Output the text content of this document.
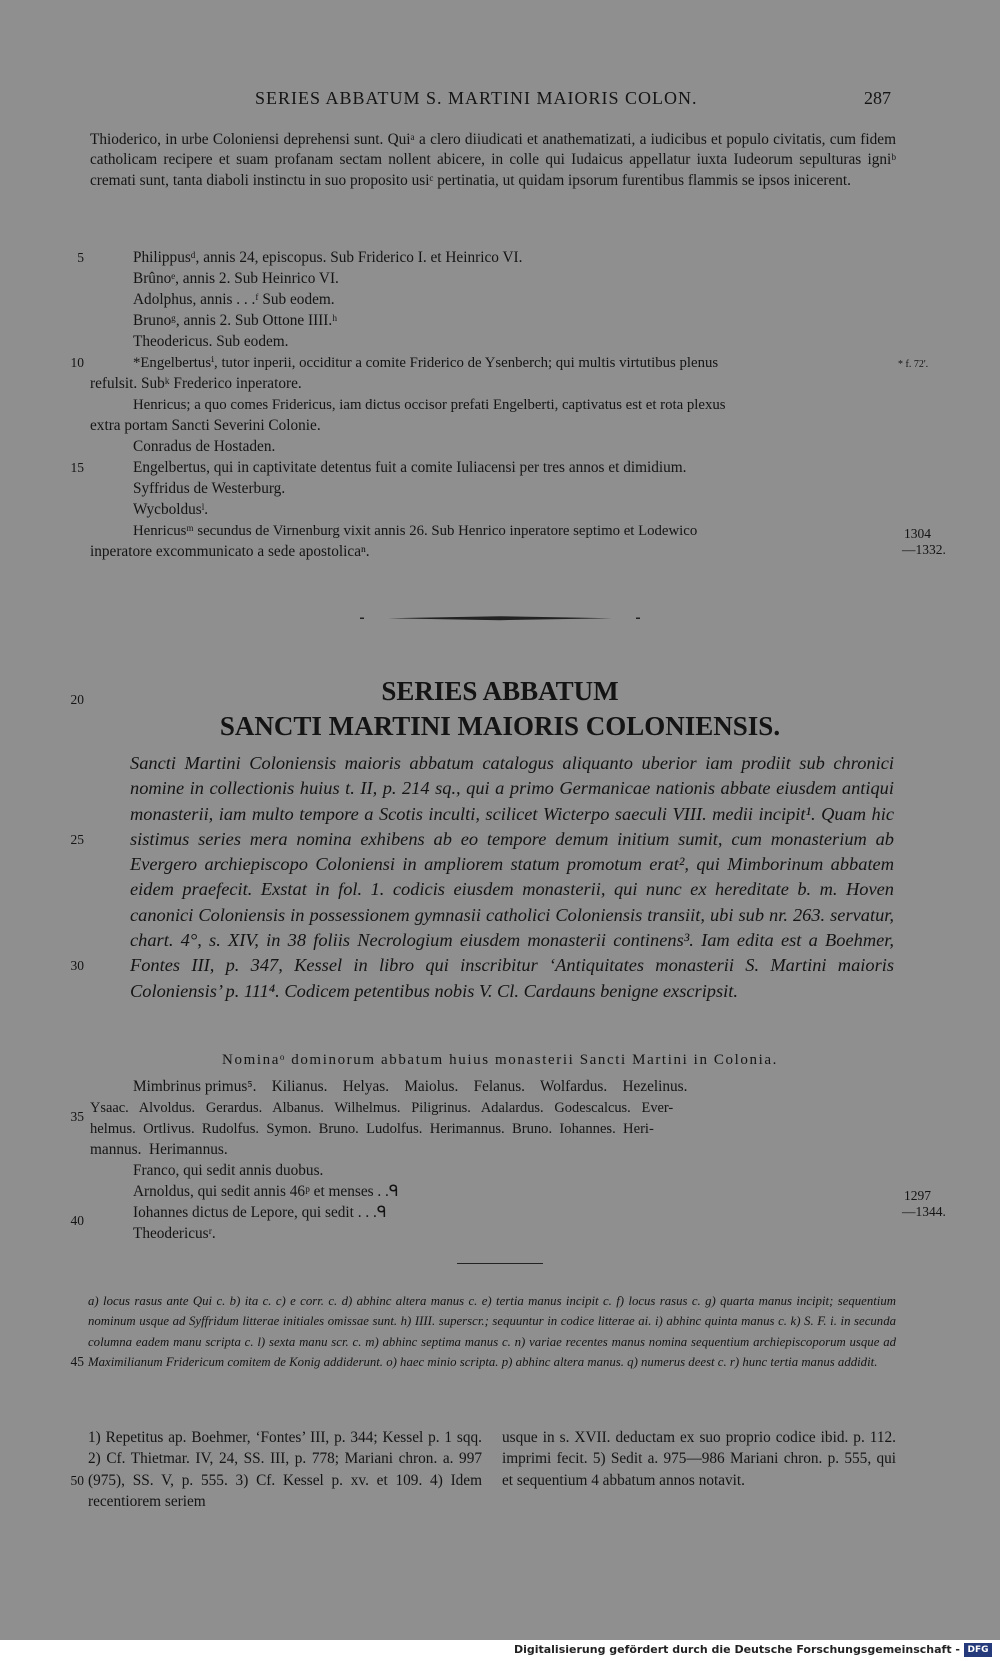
SERIES ABBATUM S. MARTINI MAIORIS COLON.	287
Thioderico, in urbe Coloniensi deprehensi sunt. Quiᵃ a clero diiudicati et anathematizati, a iudicibus et populo civitatis, cum fidem catholicam recipere et suam profanam sectam nollent abicere, in colle qui Iudaicus appellatur iuxta Iudeorum sepulturas igniᵇ cremati sunt, tanta diaboli instinctu in suo proposito usiᶜ pertinatia, ut quidam ipsorum furentibus flammis se ipsos inicerent.
5
10
15
Philippusᵈ, annis 24, episcopus. Sub Friderico I. et Heinrico VI.
Brûnoᵉ, annis 2. Sub Heinrico VI.
Adolphus, annis . . .ᶠ Sub eodem.
Brunoᵍ, annis 2. Sub Ottone IIII.ʰ
Theodericus. Sub eodem.
*Engelbertusⁱ, tutor inperii, occiditur a comite Friderico de Ysenberch; qui multis virtutibus plenus
refulsit. Subᵏ Frederico inperatore.
Henricus; a quo comes Fridericus, iam dictus occisor prefati Engelberti, captivatus est et rota plexus
extra portam Sancti Severini Colonie.
Conradus de Hostaden.
Engelbertus, qui in captivitate detentus fuit a comite Iuliacensi per tres annos et dimidium.
Syffridus de Westerburg.
Wycboldusˡ.
Henricusᵐ secundus de Virnenburg vixit annis 26. Sub Henrico inperatore septimo et Lodewico
inperatore excommunicato a sede apostolicaⁿ.
* f. 72'.
1304
—1332.
20	SERIES ABBATUM
SANCTI MARTINI MAIORIS COLONIENSIS.
25
30
Sancti Martini Coloniensis maioris abbatum catalogus aliquanto uberior iam prodiit sub chronici nomine in collectionis huius t. II, p. 214 sq., qui a primo Germanicae nationis abbate eiusdem antiqui monasterii, iam multo tempore a Scotis inculti, scilicet Wicterpo saeculi VIII. medii incipit¹. Quam hic sistimus series mera nomina exhibens ab eo tempore demum initium sumit, cum monasterium ab Evergero archiepiscopo Coloniensi in ampliorem statum promotum erat², qui Mimborinum abbatem eidem praefecit. Exstat in fol. 1. codicis eiusdem monasterii, qui nunc ex hereditate b. m. Hoven canonici Coloniensis in possessionem gymnasii catholici Coloniensis transiit, ubi sub nr. 263. servatur, chart. 4°, s. XIV, in 38 foliis Necrologium eiusdem monasterii continens³. Iam edita est a Boehmer, Fontes III, p. 347, Kessel in libro qui inscribitur ‘Antiquitates monasterii S. Martini maioris Coloniensis’ p. 111⁴. Codicem petentibus nobis V. Cl. Cardauns benigne exscripsit.
Nominaᵒ dominorum abbatum huius monasterii Sancti Martini in Colonia.
35
40
Mimbrinus primus⁵.    Kilianus.    Helyas.    Maiolus.    Felanus.    Wolfardus.    Hezelinus.
Ysaac.   Alvoldus.   Gerardus.   Albanus.   Wilhelmus.   Piligrinus.   Adalardus.   Godescalcus.   Ever-
helmus.  Ortlivus.  Rudolfus.  Symon.  Bruno.  Ludolfus.  Herimannus.  Bruno.  Iohannes.  Heri-
mannus.  Herimannus.
Franco, qui sedit annis duobus.
Arnoldus, qui sedit annis 46ᵖ et menses . .ᑫ
Iohannes dictus de Lepore, qui sedit . . .ᑫ
Theodericusʳ.
1297
—1344.
45
a) locus rasus ante Qui c. b) ita c. c) e corr. c. d) abhinc altera manus c. e) tertia manus incipit c. f) locus rasus c. g) quarta manus incipit; sequentium nominum usque ad Syffridum litterae initiales omissae sunt. h) IIII. superscr.; sequuntur in codice litterae ai. i) abhinc quinta manus c. k) S. F. i. in secunda columna eadem manu scripta c. l) sexta manu scr. c. m) abhinc septima manus c. n) variae recentes manus nomina sequentium archiepiscoporum usque ad Maximilianum Fridericum comitem de Konig addiderunt. o) haec minio scripta. p) abhinc altera manus. q) numerus deest c. r) hunc tertia manus addidit.
50
1) Repetitus ap. Boehmer, ‘Fontes’ III, p. 344; Kessel p. 1 sqq. 2) Cf. Thietmar. IV, 24, SS. III, p. 778; Mariani chron. a. 997 (975), SS. V, p. 555. 3) Cf. Kessel p. xv. et 109. 4) Idem recentiorem seriem
usque in s. XVII. deductam ex suo proprio codice ibid. p. 112. imprimi fecit. 5) Sedit a. 975—986 Mariani chron. p. 555, qui et sequentium 4 abbatum annos notavit.
Digitalisierung gefördert durch die Deutsche Forschungsgemeinschaft - DFG
